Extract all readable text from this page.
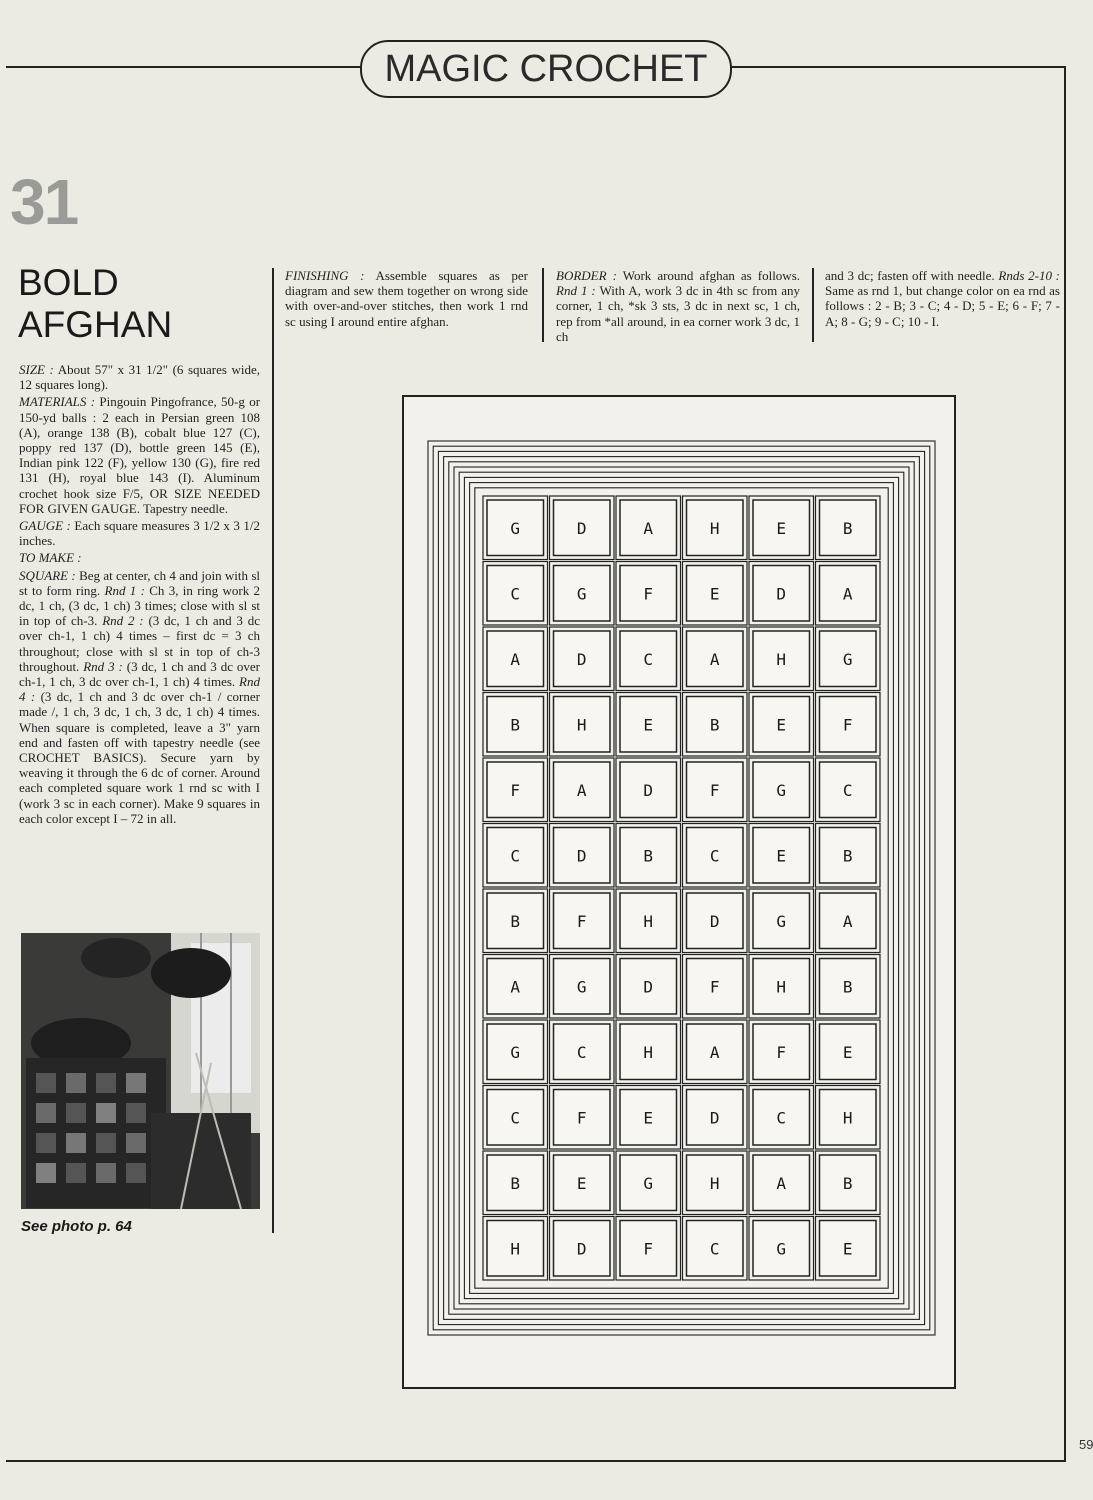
MAGIC CROCHET
31
BOLD
AFGHAN

SIZE : About 57" x 31 1/2" (6 squares wide, 12 squares long).

MATERIALS : Pingouin Pingofrance, 50-g or 150-yd balls : 2 each in Persian green 108 (A), orange 138 (B), cobalt blue 127 (C), poppy red 137 (D), bottle green 145 (E), Indian pink 122 (F), yellow 130 (G), fire red 131 (H), royal blue 143 (I). Aluminum crochet hook size F/5, OR SIZE NEEDED FOR GIVEN GAUGE. Tapestry needle.

GAUGE : Each square measures 3 1/2 x 3 1/2 inches.

TO MAKE :

SQUARE : Beg at center, ch 4 and join with sl st to form ring. Rnd 1 : Ch 3, in ring work 2 dc, 1 ch, (3 dc, 1 ch) 3 times; close with sl st in top of ch-3. Rnd 2 : (3 dc, 1 ch and 3 dc over ch-1, 1 ch) 4 times – first dc = 3 ch throughout; close with sl st in top of ch-3 throughout. Rnd 3 : (3 dc, 1 ch and 3 dc over ch-1, 1 ch, 3 dc over ch-1, 1 ch) 4 times. Rnd 4 : (3 dc, 1 ch and 3 dc over ch-1 / corner made /, 1 ch, 3 dc, 1 ch, 3 dc, 1 ch) 4 times. When square is completed, leave a 3" yarn end and fasten off with tapestry needle (see CROCHET BASICS). Secure yarn by weaving it through the 6 dc of corner. Around each completed square work 1 rnd sc with I (work 3 sc in each corner). Make 9 squares in each color except I – 72 in all.

See photo p. 64
FINISHING : Assemble squares as per diagram and sew them together on wrong side with over-and-over stitches, then work 1 rnd sc using I around entire afghan.
BORDER : Work around afghan as follows. Rnd 1 : With A, work 3 dc in 4th sc from any corner, 1 ch, *sk 3 sts, 3 dc in next sc, 1 ch, rep from *all around, in ea corner work 3 dc, 1 ch
and 3 dc; fasten off with needle. Rnds 2-10 : Same as rnd 1, but change color on ea rnd as follows : 2 - B; 3 - C; 4 - D; 5 - E; 6 - F; 7 - A; 8 - G; 9 - C; 10 - I.
G	D	A	H	E	B
C	G	F	E	D	A
A	D	C	A	H	G
B	H	E	B	E	F
F	A	D	F	G	C
C	D	B	C	E	B
B	F	H	D	G	A
A	G	D	F	H	B
G	C	H	A	F	E
C	F	E	D	C	H
B	E	G	H	A	B
H	D	F	C	G	E
59
